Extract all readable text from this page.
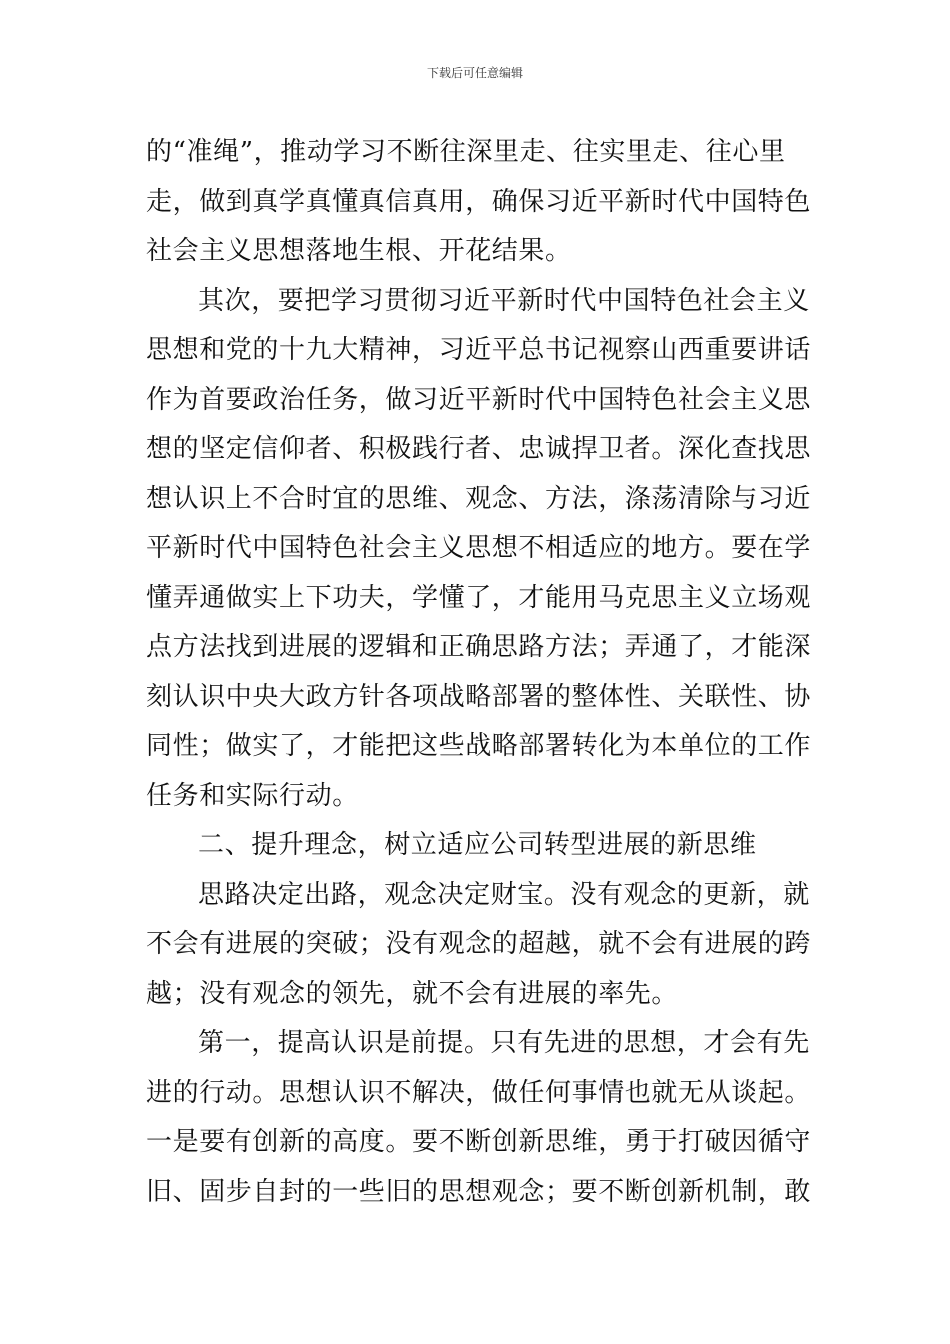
下载后可任意编辑
的“准绳”，推动学习不断往深里走、往实里走、往心里
走，做到真学真懂真信真用，确保习近平新时代中国特色
社会主义思想落地生根、开花结果。
其次，要把学习贯彻习近平新时代中国特色社会主义
思想和党的十九大精神，习近平总书记视察山西重要讲话
作为首要政治任务，做习近平新时代中国特色社会主义思
想的坚定信仰者、积极践行者、忠诚捍卫者。深化查找思
想认识上不合时宜的思维、观念、方法，涤荡清除与习近
平新时代中国特色社会主义思想不相适应的地方。要在学
懂弄通做实上下功夫，学懂了，才能用马克思主义立场观
点方法找到进展的逻辑和正确思路方法；弄通了，才能深
刻认识中央大政方针各项战略部署的整体性、关联性、协
同性；做实了，才能把这些战略部署转化为本单位的工作
任务和实际行动。
二、提升理念，树立适应公司转型进展的新思维
思路决定出路，观念决定财宝。没有观念的更新，就
不会有进展的突破；没有观念的超越，就不会有进展的跨
越；没有观念的领先，就不会有进展的率先。
第一，提高认识是前提。只有先进的思想，才会有先
进的行动。思想认识不解决，做任何事情也就无从谈起。
一是要有创新的高度。要不断创新思维，勇于打破因循守
旧、固步自封的一些旧的思想观念；要不断创新机制，敢
